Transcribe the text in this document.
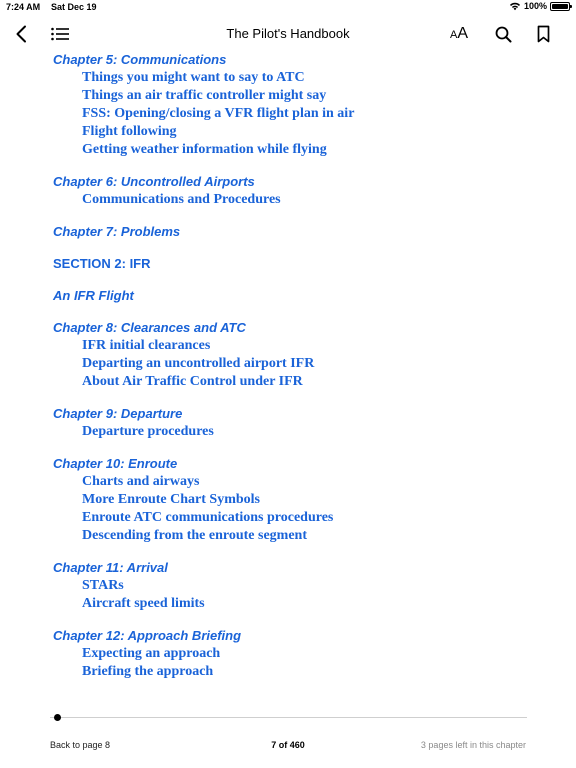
7:24 AM Sat Dec 19	100%
The Pilot's Handbook	AA
Chapter 5: Communications
Things you might want to say to ATC
Things an air traffic controller might say
FSS: Opening/closing a VFR flight plan in air
Flight following
Getting weather information while flying
Chapter 6: Uncontrolled Airports
Communications and Procedures
Chapter 7: Problems
SECTION 2: IFR
An IFR Flight
Chapter 8: Clearances and ATC
IFR initial clearances
Departing an uncontrolled airport IFR
About Air Traffic Control under IFR
Chapter 9: Departure
Departure procedures
Chapter 10: Enroute
Charts and airways
More Enroute Chart Symbols
Enroute ATC communications procedures
Descending from the enroute segment
Chapter 11: Arrival
STARs
Aircraft speed limits
Chapter 12: Approach Briefing
Expecting an approach
Briefing the approach
Back to page 8	7 of 460	3 pages left in this chapter
